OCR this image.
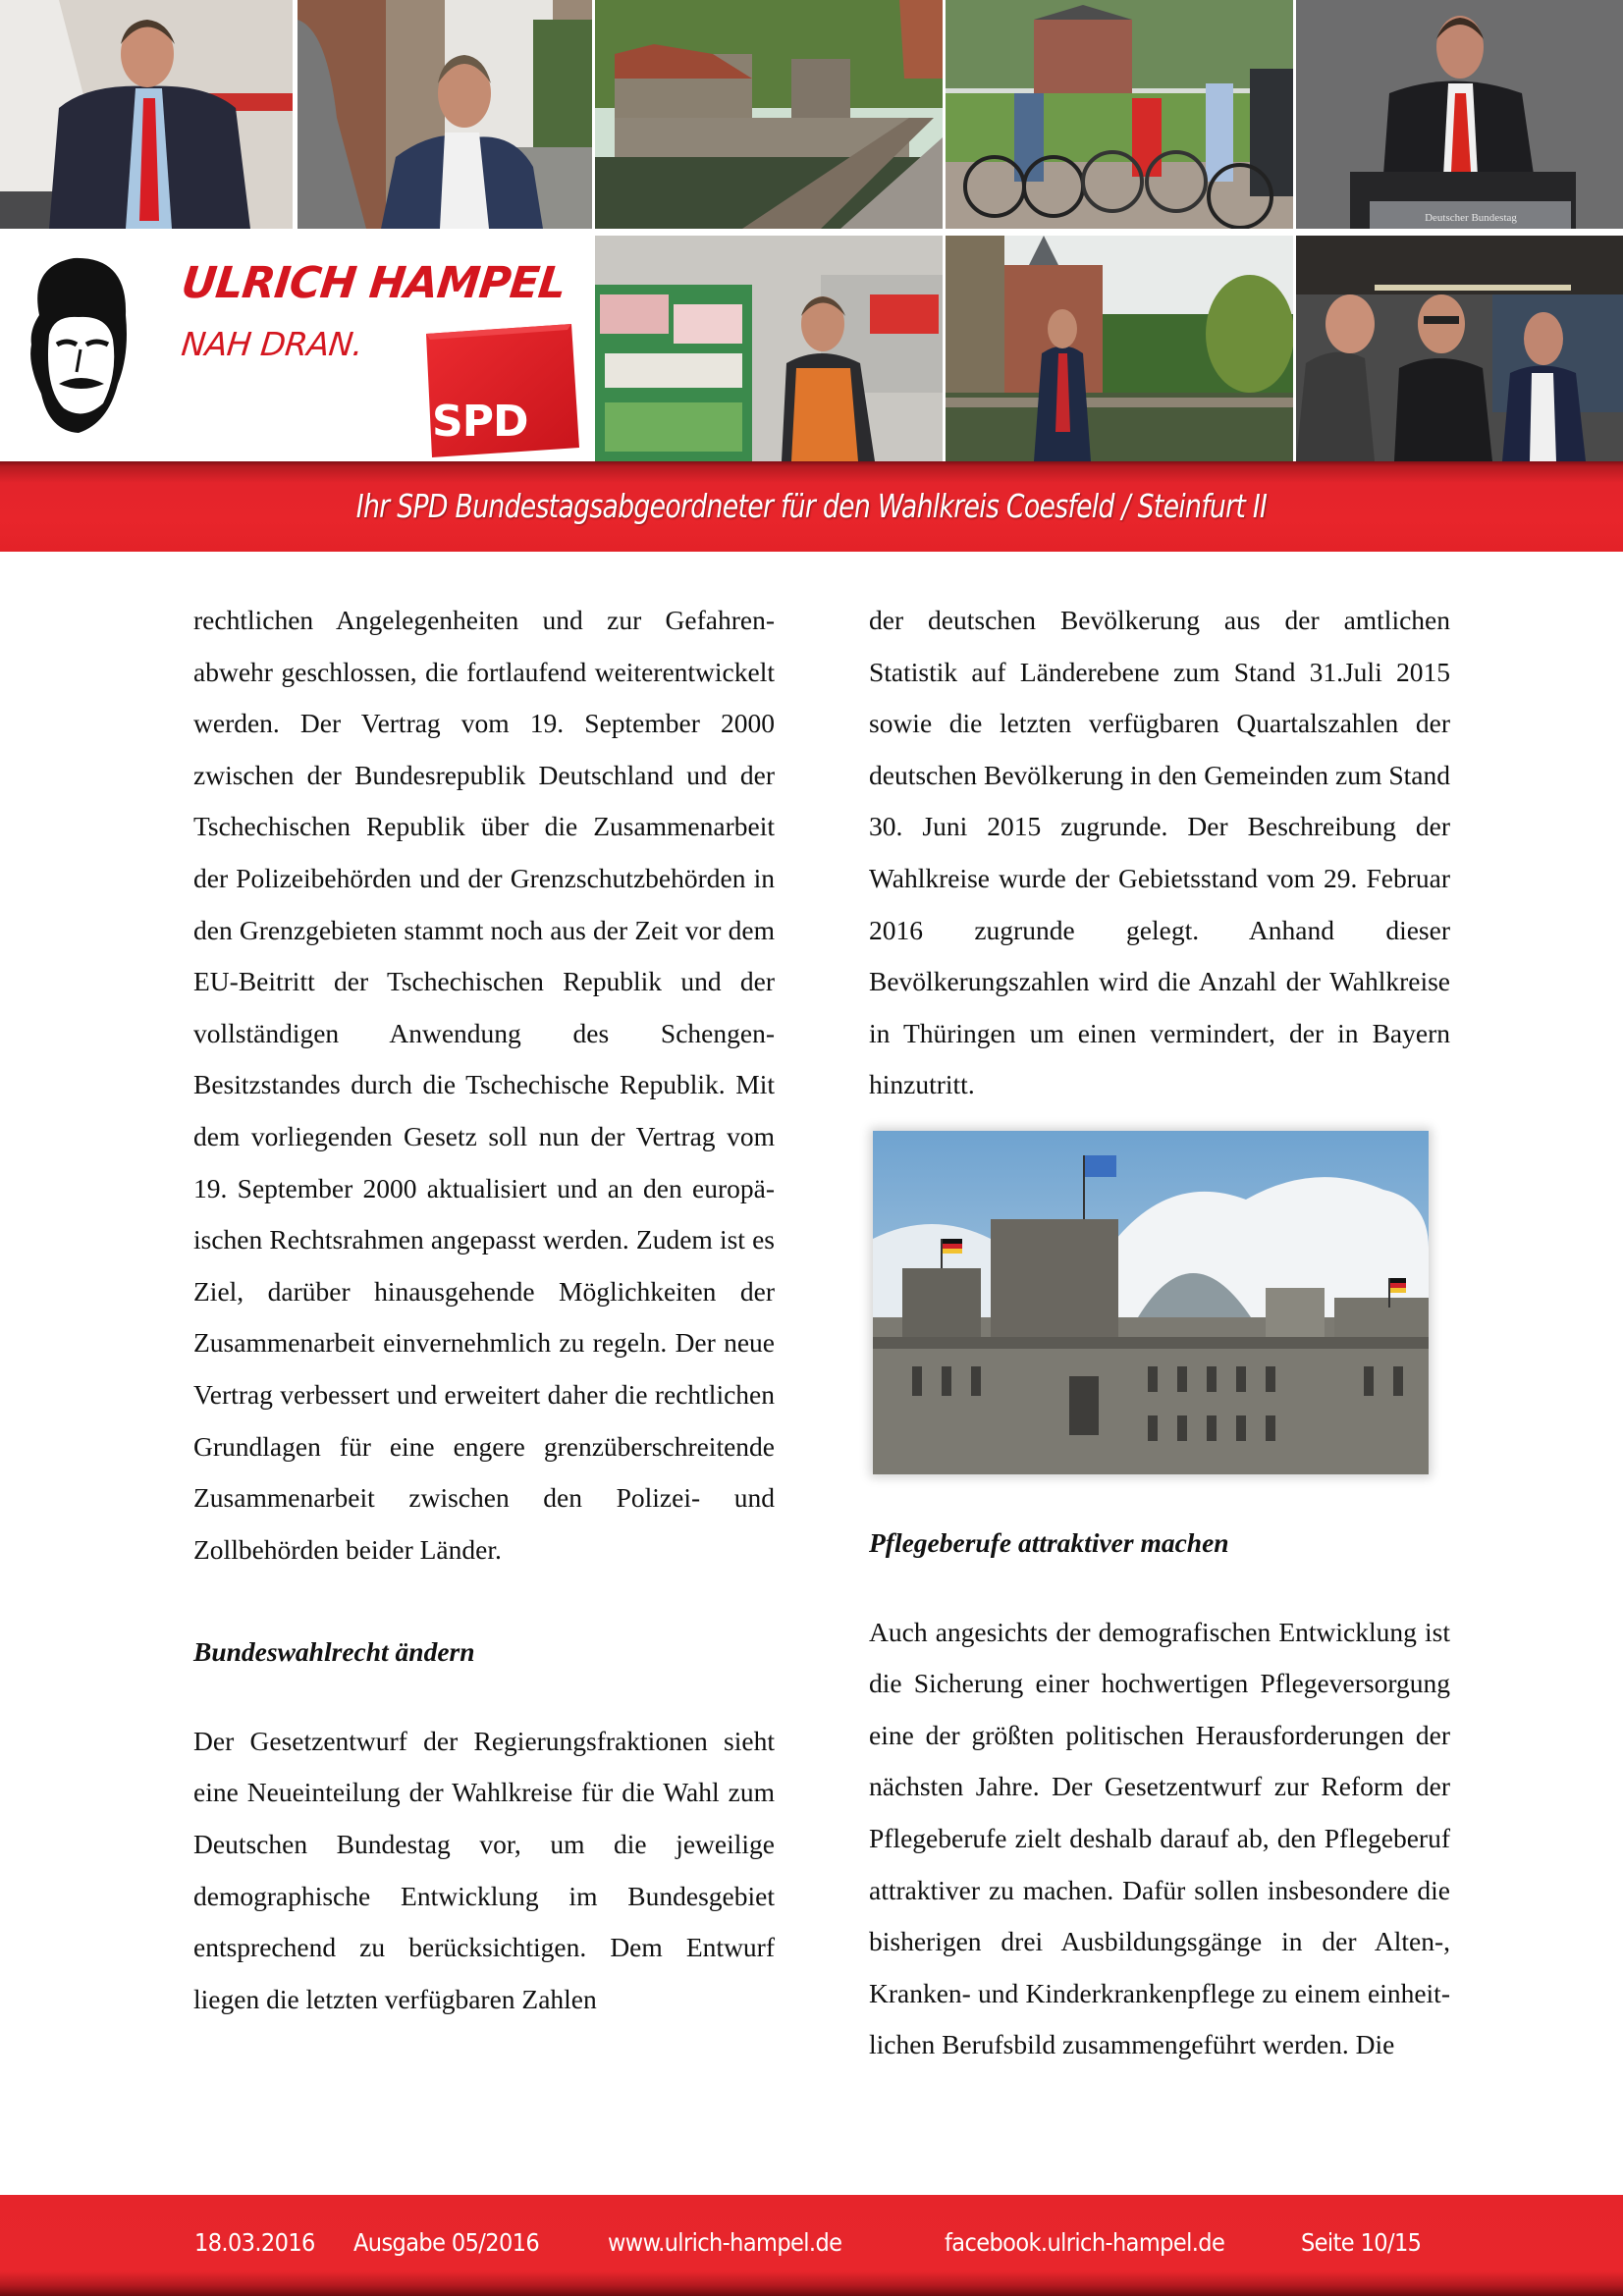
Deutscher Bundestag
ULRICH HAMPEL
NAH DRAN.
SPD
Ihr SPD Bundestagsabgeordneter für den Wahlkreis Coesfeld / Steinfurt II

rechtlichen Angelegenheiten und zur Gefahrenabwehr geschlossen, die fortlaufend weiterentwickelt werden. Der Vertrag vom 19. September 2000 zwischen der Bundesrepublik Deutschland und der Tschechischen Republik über die Zusammenarbeit der Polizeibehörden und der Grenzschutzbehörden in den Grenzgebieten stammt noch aus der Zeit vor dem EU-Beitritt der Tschechischen Republik und der vollständigen Anwendung des Schengen-Besitzstandes durch die Tschechische Republik. Mit dem vorliegenden Gesetz soll nun der Vertrag vom 19. September 2000 aktualisiert und an den europäischen Rechtsrahmen angepasst werden. Zudem ist es Ziel, darüber hinausgehende Möglichkeiten der Zusammenarbeit einvernehmlich zu regeln. Der neue Vertrag verbessert und erweitert daher die rechtlichen Grundlagen für eine engere grenzüberschreitende Zusammenarbeit zwischen den Polizei- und Zollbehörden beider Länder.

Bundeswahlrecht ändern

Der Gesetzentwurf der Regierungsfraktionen sieht eine Neueinteilung der Wahlkreise für die Wahl zum Deutschen Bundestag vor, um die jeweilige demographische Entwicklung im Bundesgebiet entsprechend zu berücksichtigen. Dem Entwurf liegen die letzten verfügbaren Zahlen

der deutschen Bevölkerung aus der amtlichen Statistik auf Länderebene zum Stand 31.Juli 2015 sowie die letzten verfügbaren Quartalszahlen der deutschen Bevölkerung in den Gemeinden zum Stand 30. Juni 2015 zugrunde. Der Beschreibung der Wahlkreise wurde der Gebietsstand vom 29. Februar 2016 zugrunde gelegt. Anhand dieser Bevölkerungszahlen wird die Anzahl der Wahlkreise in Thüringen um einen vermindert, der in Bayern hinzutritt.

Pflegeberufe attraktiver machen

Auch angesichts der demografischen Entwicklung ist die Sicherung einer hochwertigen Pflegeversorgung eine der größten politischen Herausforderungen der nächsten Jahre. Der Gesetzentwurf zur Reform der Pflegeberufe zielt deshalb darauf ab, den Pflegeberuf attraktiver zu machen. Dafür sollen insbesondere die bisherigen drei Ausbildungsgänge in der Alten-, Kranken- und Kinderkrankenpflege zu einem einheitlichen Berufsbild zusammengeführt werden. Die

18.03.2016	Ausgabe 05/2016	www.ulrich-hampel.de	facebook.ulrich-hampel.de	Seite 10/15
